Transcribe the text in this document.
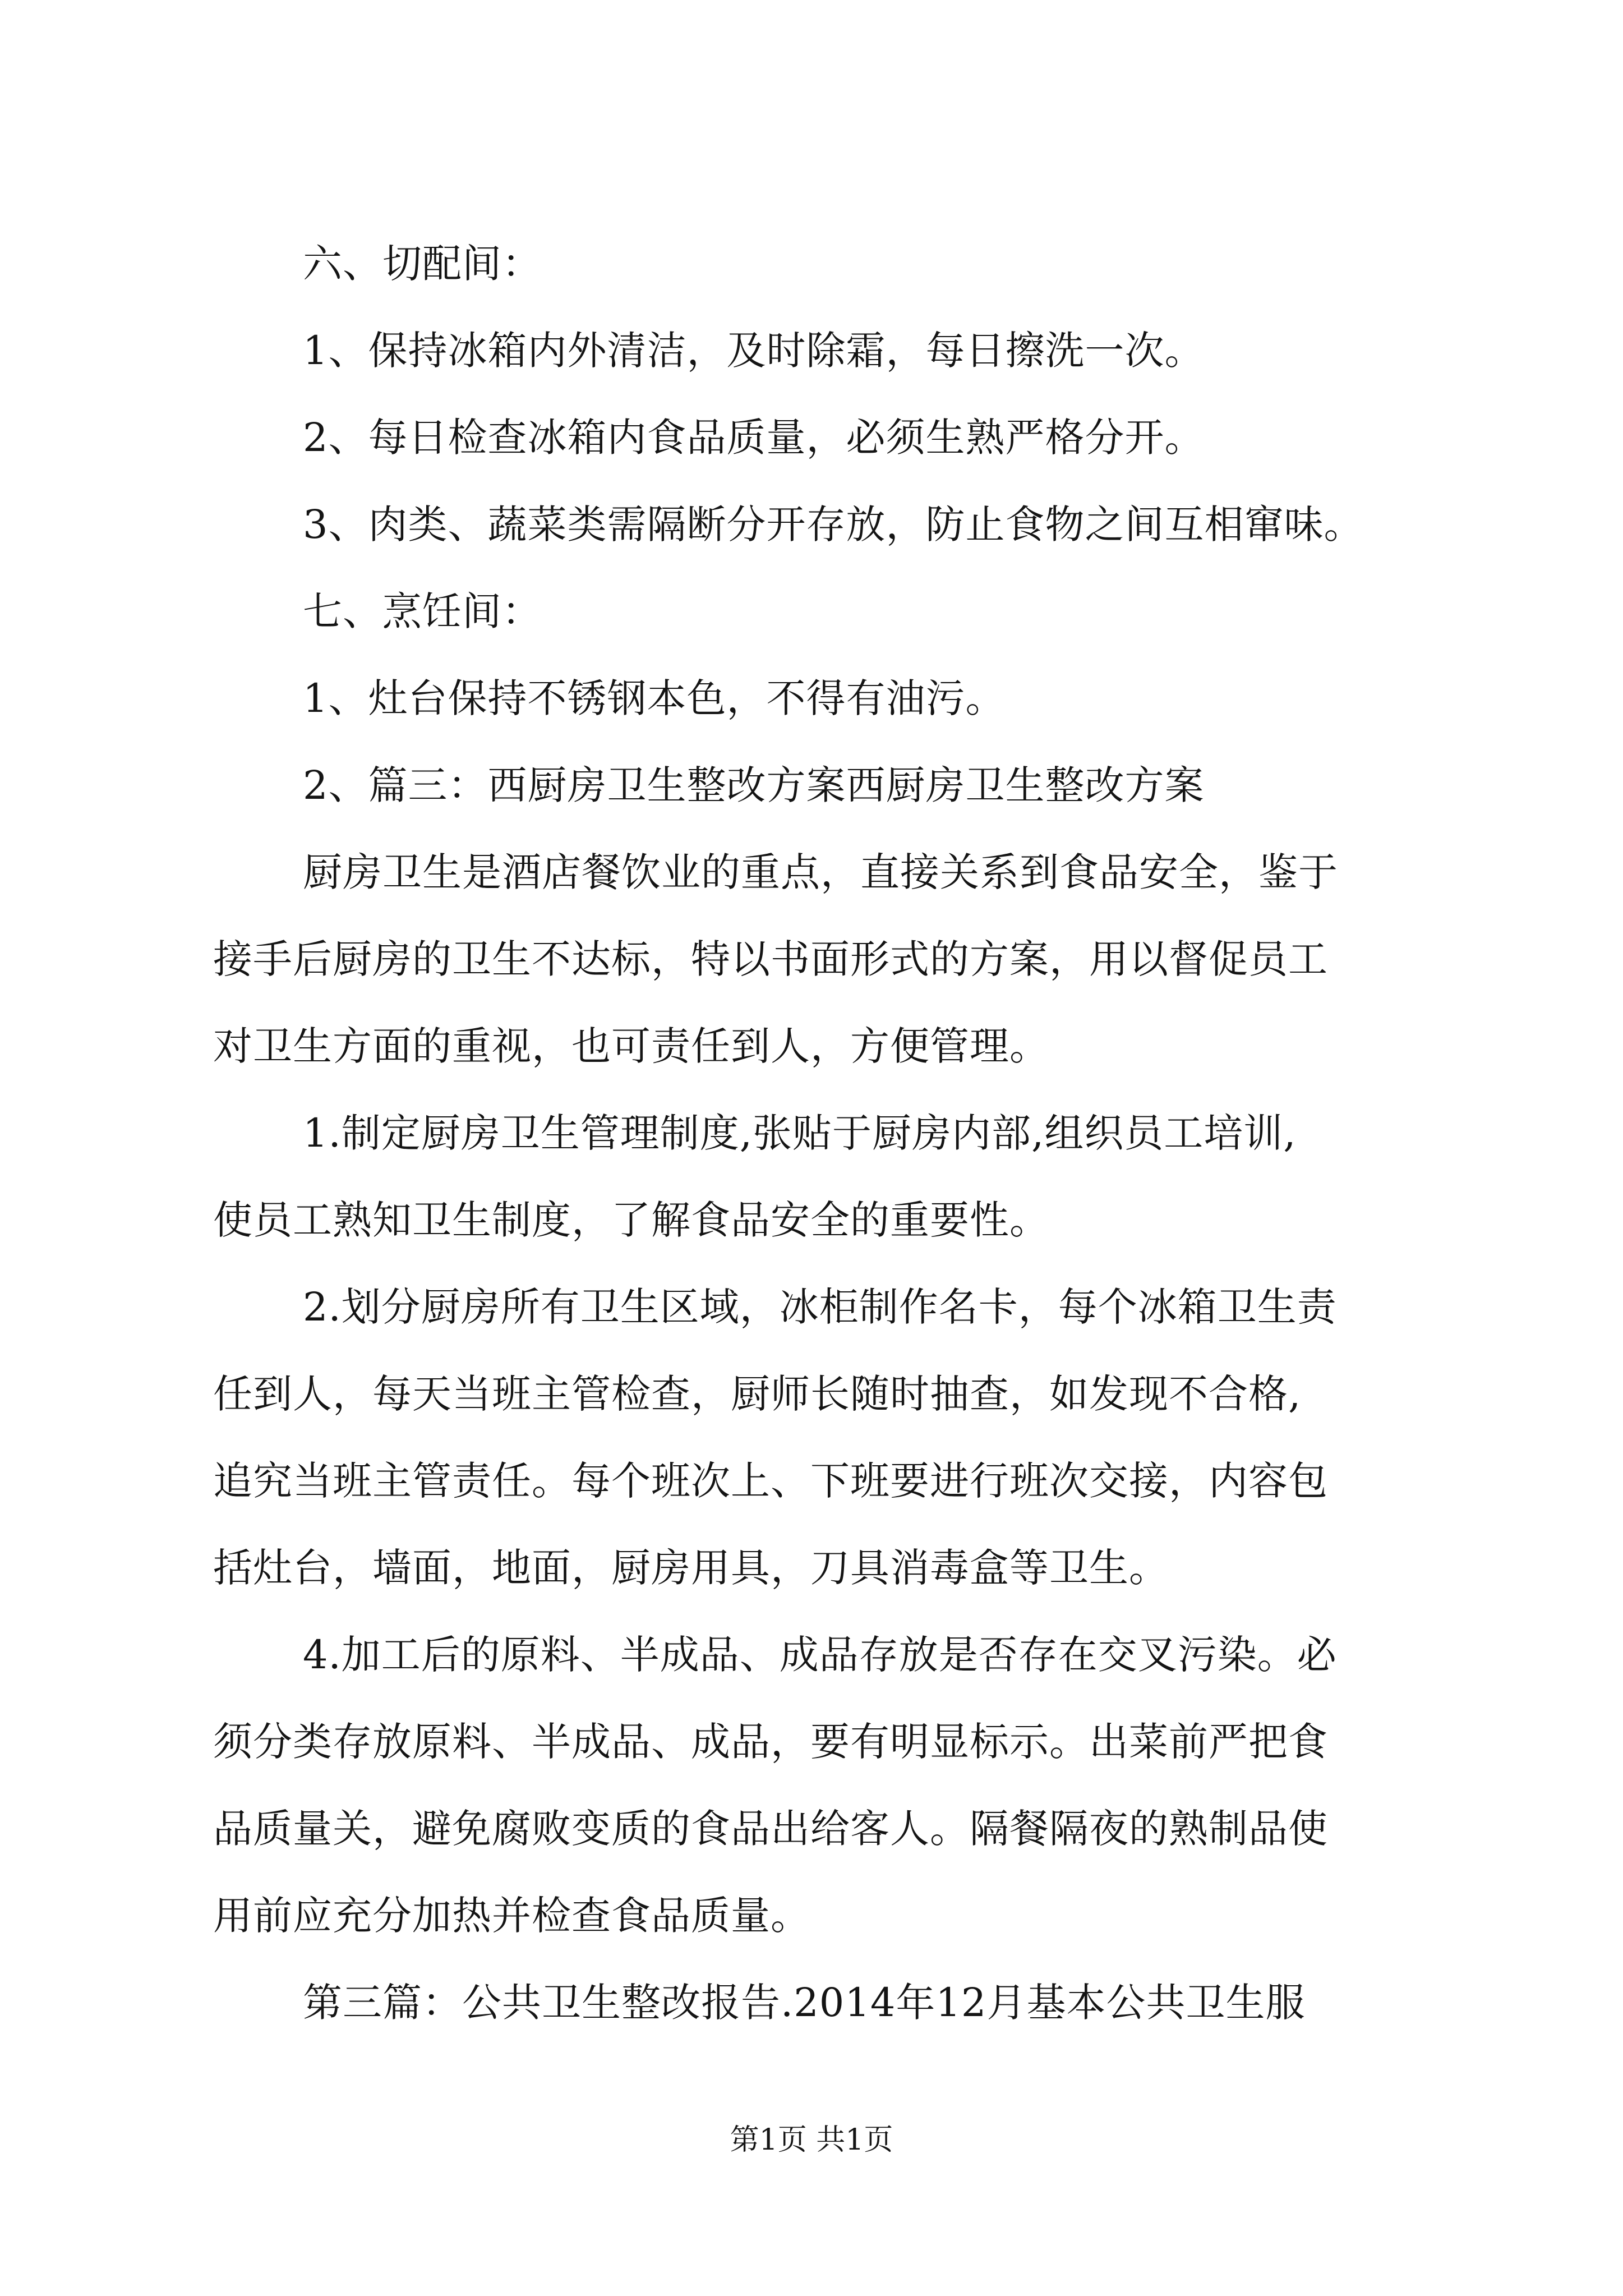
六、切配间：
1、保持冰箱内外清洁，及时除霜，每日擦洗一次。
2、每日检查冰箱内食品质量，必须生熟严格分开。
3、肉类、蔬菜类需隔断分开存放，防止食物之间互相窜味。
七、烹饪间：
1、灶台保持不锈钢本色，不得有油污。
2、篇三：西厨房卫生整改方案西厨房卫生整改方案
厨房卫生是酒店餐饮业的重点，直接关系到食品安全，鉴于
接手后厨房的卫生不达标，特以书面形式的方案，用以督促员工
对卫生方面的重视，也可责任到人，方便管理。
1.制定厨房卫生管理制度,张贴于厨房内部,组织员工培训,
使员工熟知卫生制度，了解食品安全的重要性。
2.划分厨房所有卫生区域，冰柜制作名卡，每个冰箱卫生责
任到人，每天当班主管检查，厨师长随时抽查，如发现不合格,
追究当班主管责任。每个班次上、下班要进行班次交接，内容包
括灶台，墙面，地面，厨房用具，刀具消毒盒等卫生。
4.加工后的原料、半成品、成品存放是否存在交叉污染。必
须分类存放原料、半成品、成品，要有明显标示。出菜前严把食
品质量关，避免腐败变质的食品出给客人。隔餐隔夜的熟制品使
用前应充分加热并检查食品质量。
第三篇：公共卫生整改报告.2014年12月基本公共卫生服
第1页 共1页
